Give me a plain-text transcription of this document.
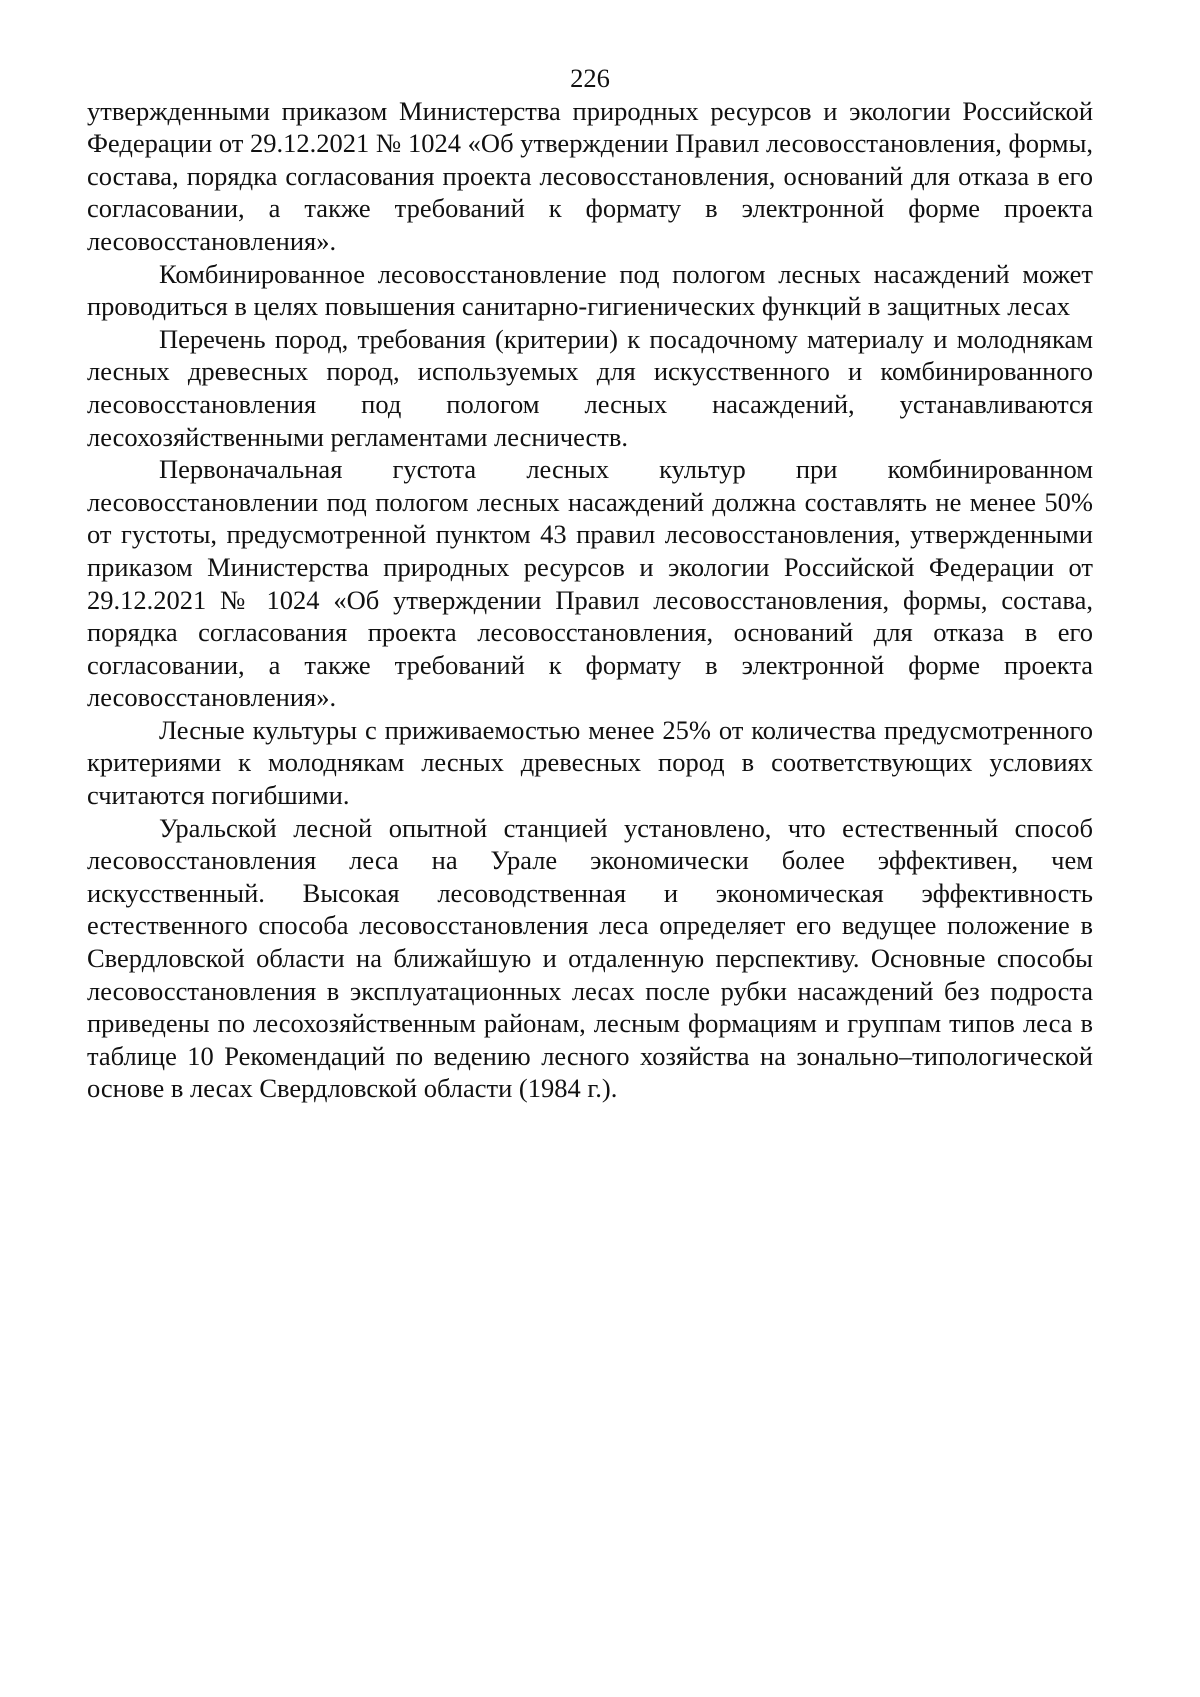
226

утвержденными приказом Министерства природных ресурсов и экологии Российской Федерации от 29.12.2021 № 1024 «Об утверждении Правил лесовосстановления, формы, состава, порядка согласования проекта лесовосстановления, оснований для отказа в его согласовании, а также требований к формату в электронной форме проекта лесовосстановления».

Комбинированное лесовосстановление под пологом лесных насаждений может проводиться в целях повышения санитарно-гигиенических функций в защитных лесах

Перечень пород, требования (критерии) к посадочному материалу и молоднякам лесных древесных пород, используемых для искусственного и комбинированного лесовосстановления под пологом лесных насаждений, устанавливаются лесохозяйственными регламентами лесничеств.

Первоначальная густота лесных культур при комбинированном лесовосстановлении под пологом лесных насаждений должна составлять не менее 50% от густоты, предусмотренной пунктом 43 правил лесовосстановления, утвержденными приказом Министерства природных ресурсов и экологии Российской Федерации от 29.12.2021 № 1024 «Об утверждении Правил лесовосстановления, формы, состава, порядка согласования проекта лесовосстановления, оснований для отказа в его согласовании, а также требований к формату в электронной форме проекта лесовосстановления».

Лесные культуры с приживаемостью менее 25% от количества предусмотренного критериями к молоднякам лесных древесных пород в соответствующих условиях считаются погибшими.

Уральской лесной опытной станцией установлено, что естественный способ лесовосстановления леса на Урале экономически более эффективен, чем искусственный. Высокая лесоводственная и экономическая эффективность естественного способа лесовосстановления леса определяет его ведущее положение в Свердловской области на ближайшую и отдаленную перспективу. Основные способы лесовосстановления в эксплуатационных лесах после рубки насаждений без подроста приведены по лесохозяйственным районам, лесным формациям и группам типов леса в таблице 10 Рекомендаций по ведению лесного хозяйства на зонально–типологической основе в лесах Свердловской области (1984 г.).
